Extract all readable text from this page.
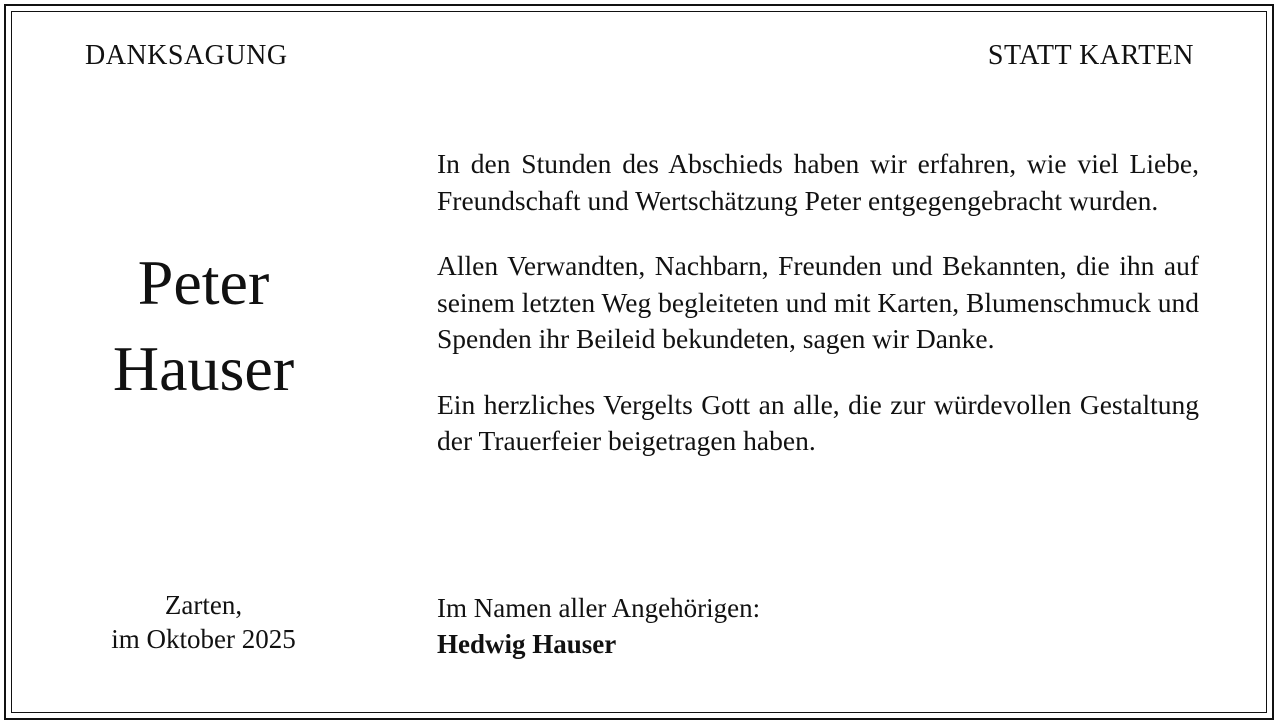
DANKSAGUNG	STATT KARTEN
Peter
Hauser

In den Stunden des Abschieds haben wir erfahren, wie viel Liebe, Freundschaft und Wertschätzung Peter entgegengebracht wurden.

Allen Verwandten, Nachbarn, Freunden und Bekannten, die ihn auf seinem letzten Weg begleiteten und mit Karten, Blumenschmuck und Spenden ihr Beileid bekundeten, sagen wir Danke.

Ein herzliches Vergelts Gott an alle, die zur würdevollen Gestaltung der Trauerfeier beigetragen haben.

Zarten,
im Oktober 2025
Im Namen aller Angehörigen:
Hedwig Hauser
